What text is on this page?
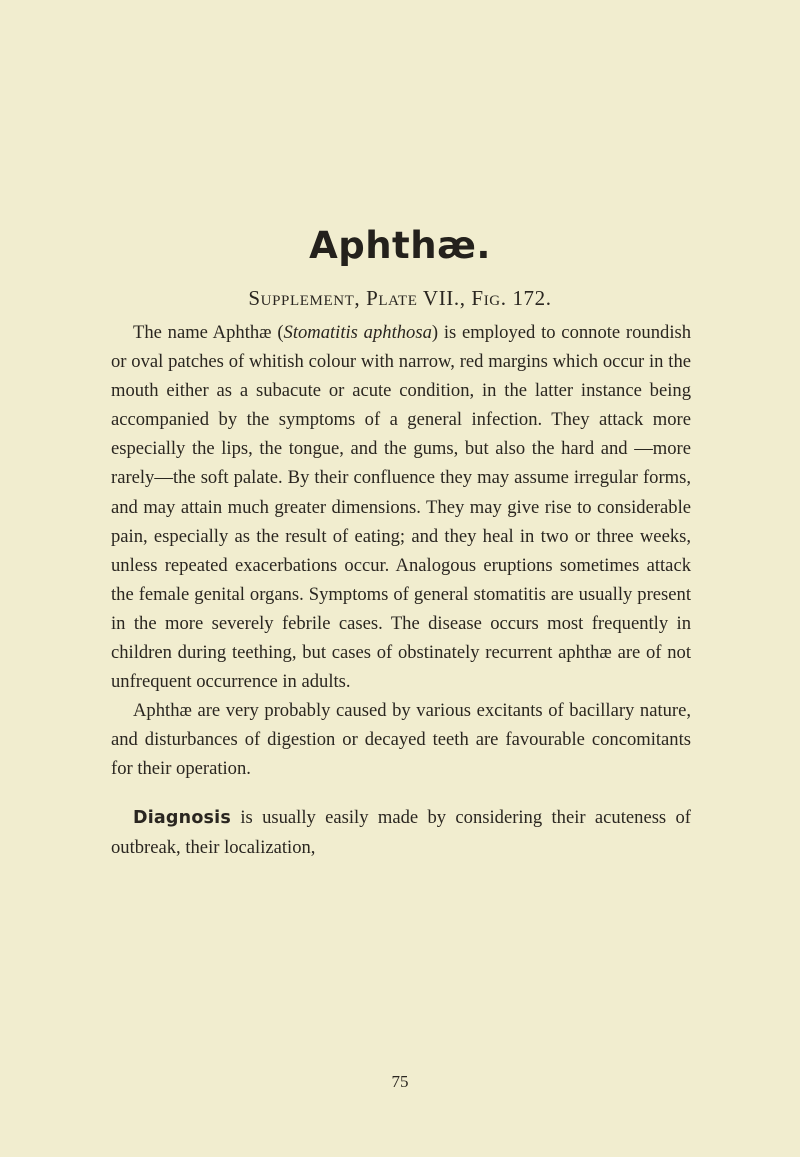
Aphthæ.
Supplement, Plate VII., Fig. 172.

The name Aphthæ (Stomatitis aphthosa) is employed to connote roundish or oval patches of whitish colour with narrow, red margins which occur in the mouth either as a subacute or acute condition, in the latter instance being accompanied by the symptoms of a general infection. They attack more especially the lips, the tongue, and the gums, but also the hard and —more rarely—the soft palate. By their confluence they may assume irregular forms, and may attain much greater dimensions. They may give rise to considerable pain, especially as the result of eating; and they heal in two or three weeks, unless repeated exacerbations occur. Analogous eruptions sometimes attack the female genital organs. Symptoms of general stomatitis are usually present in the more severely febrile cases. The disease occurs most frequently in children during teething, but cases of obstinately recurrent aphthæ are of not unfrequent occurrence in adults.

Aphthæ are very probably caused by various excitants of bacillary nature, and disturbances of digestion or decayed teeth are favourable concomitants for their operation.

Diagnosis is usually easily made by considering their acuteness of outbreak, their localization,

75
